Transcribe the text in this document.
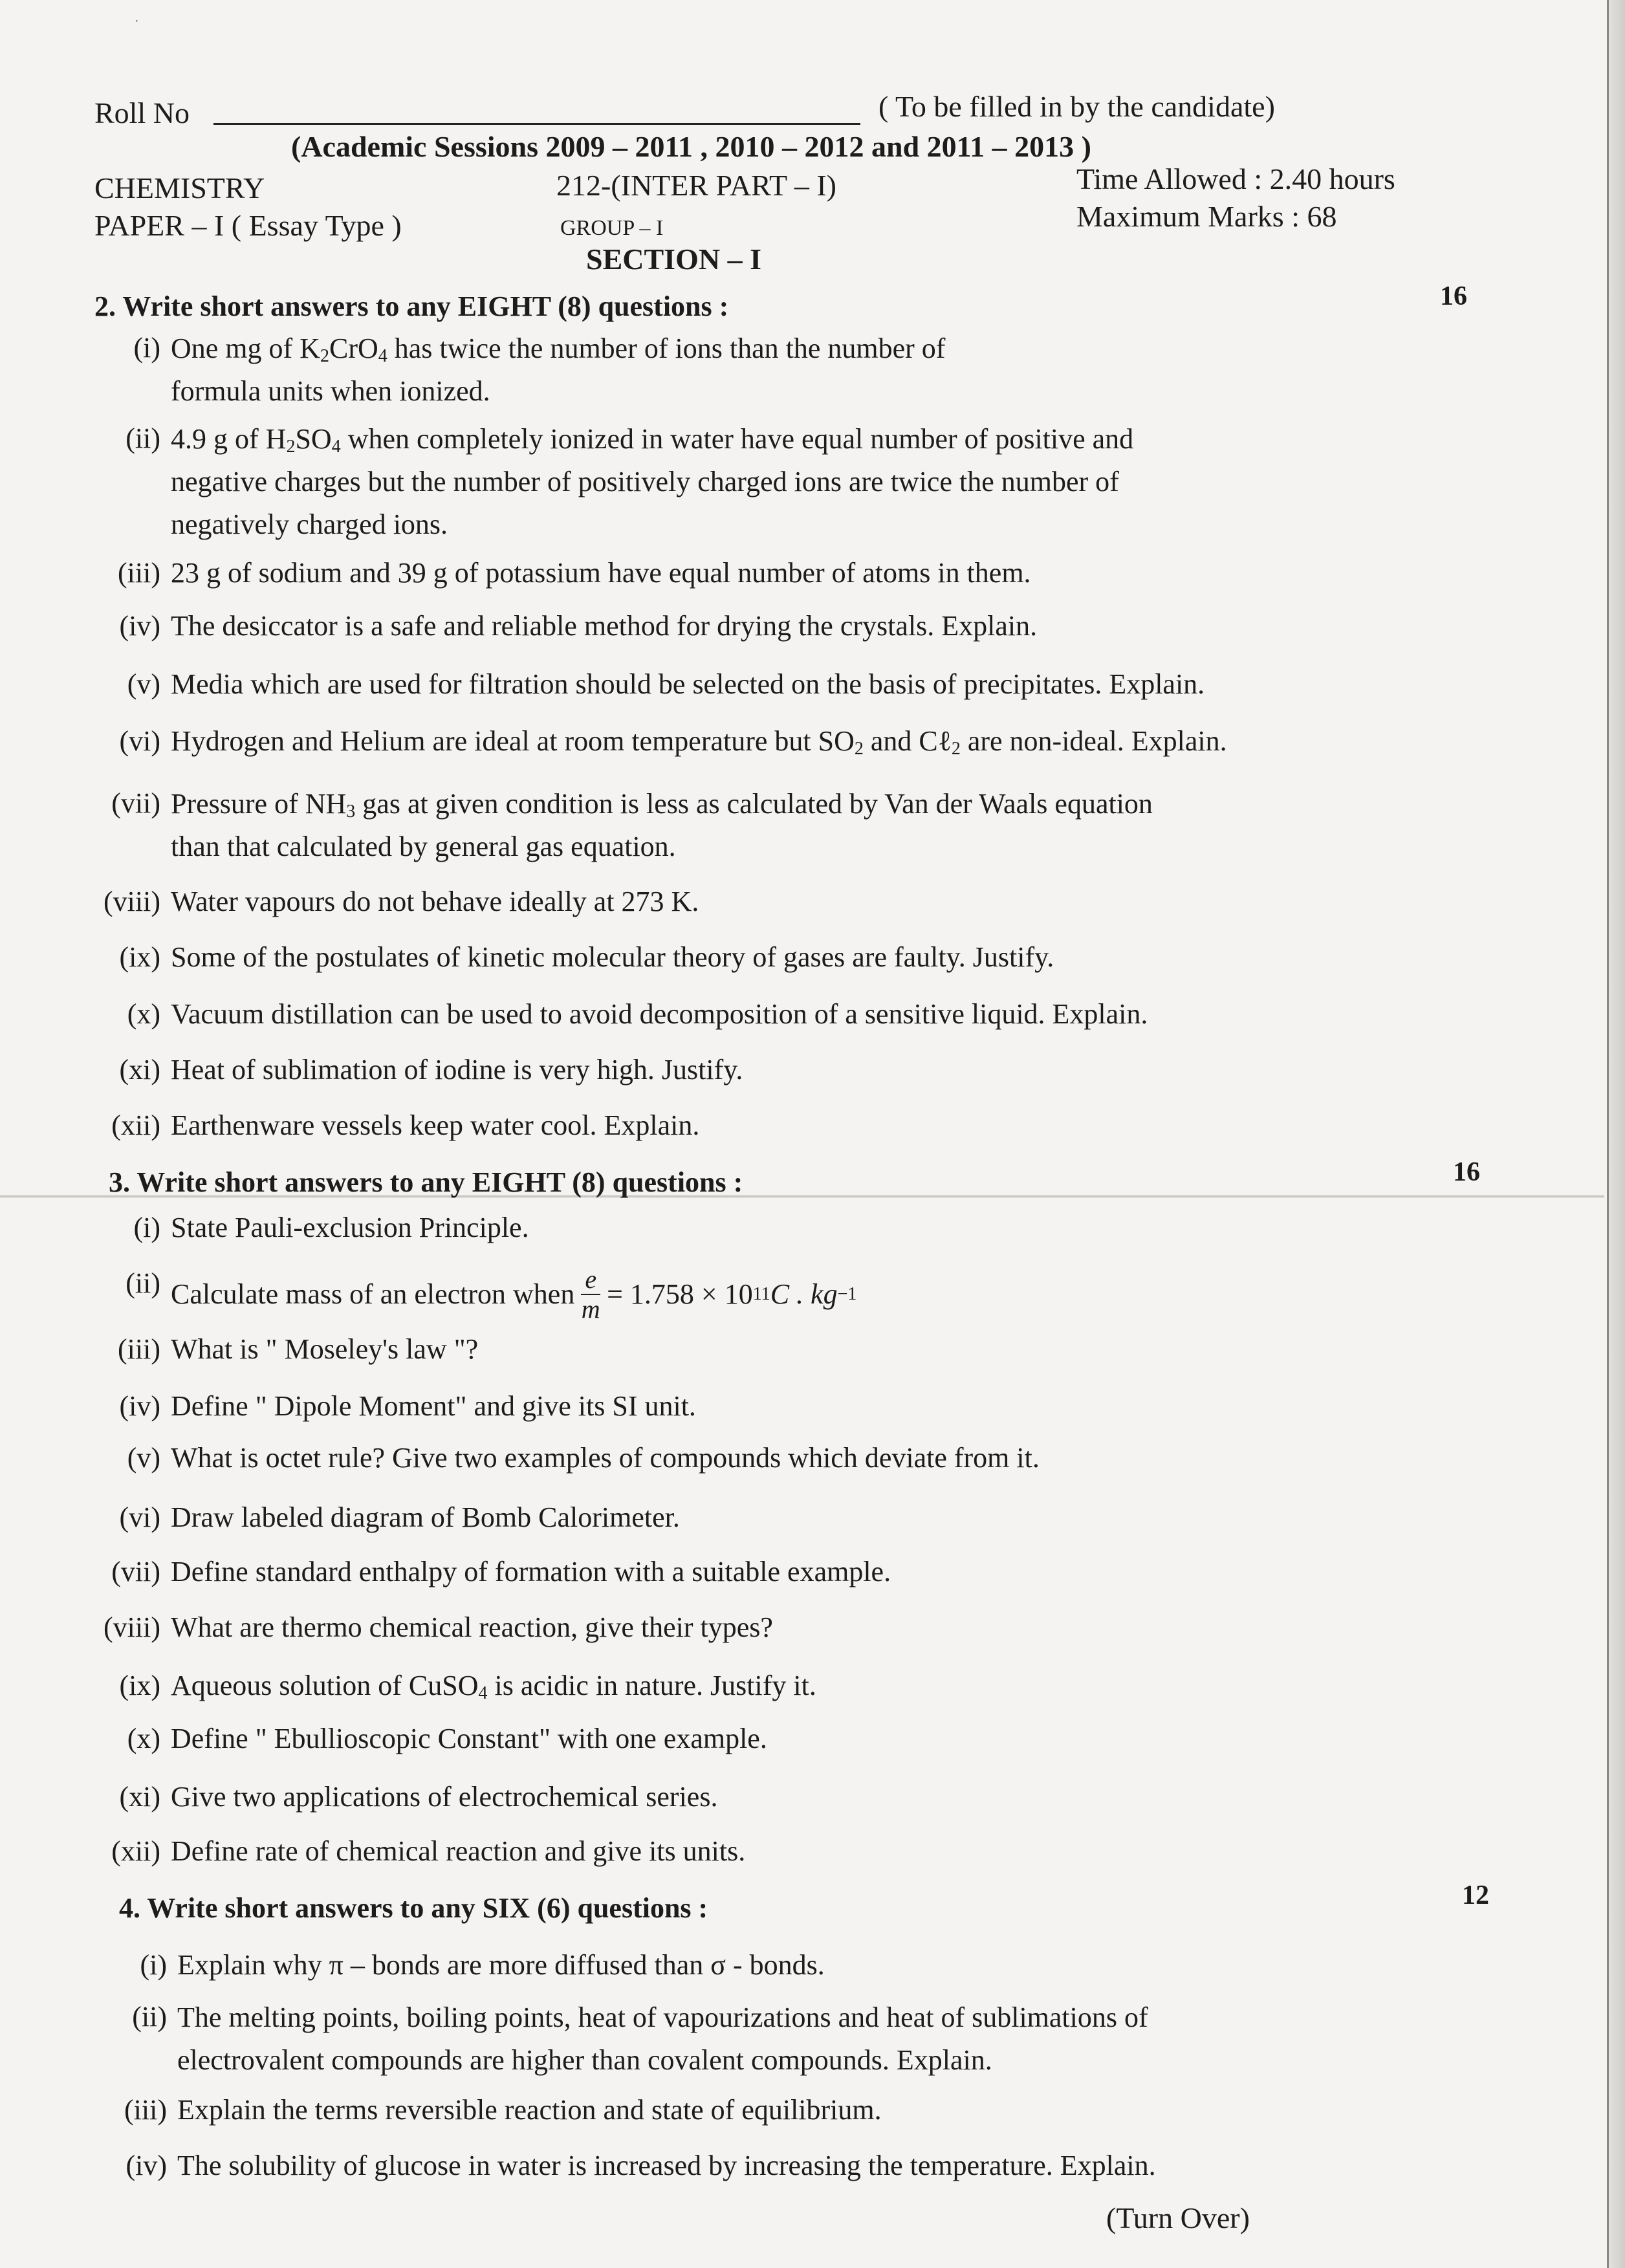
·
Roll No	( To be filled in by the candidate)
(Academic Sessions 2009 – 2011 , 2010 – 2012 and 2011 – 2013 )
CHEMISTRY	212-(INTER PART – I)	Time Allowed : 2.40 hours
PAPER – I ( Essay Type )	GROUP – I	Maximum Marks : 68
SECTION – I
2. Write short answers to any EIGHT (8) questions :	16
(i) One mg of $K_2CrO_4$ has twice the number of ions than the number of
formula units when ionized.
(ii) 4.9 g of $H_2SO_4$ when completely ionized in water have equal number of positive and
negative charges but the number of positively charged ions are twice the number of
negatively charged ions.
(iii) 23 g of sodium and 39 g of potassium have equal number of atoms in them.
(iv) The desiccator is a safe and reliable method for drying the crystals. Explain.
(v) Media which are used for filtration should be selected on the basis of precipitates. Explain.
(vi) Hydrogen and Helium are ideal at room temperature but $SO_2$ and Cℓ$_2$ are non-ideal. Explain.
(vii) Pressure of $NH_3$ gas at given condition is less as calculated by Van der Waals equation
than that calculated by general gas equation.
(viii) Water vapours do not behave ideally at 273 K.
(ix) Some of the postulates of kinetic molecular theory of gases are faulty. Justify.
(x) Vacuum distillation can be used to avoid decomposition of a sensitive liquid. Explain.
(xi) Heat of sublimation of iodine is very high. Justify.
(xii) Earthenware vessels keep water cool. Explain.
3. Write short answers to any EIGHT (8) questions :	16
(i) State Pauli-exclusion Principle.
(ii) Calculate mass of an electron when $\frac{e}{m} = 1.758 \times 10$ 11 C . kg −1
(iii) What is " Moseley's law "?
(iv) Define " Dipole Moment" and give its SI unit.
(v) What is octet rule? Give two examples of compounds which deviate from it.
(vi) Draw labeled diagram of Bomb Calorimeter.
(vii) Define standard enthalpy of formation with a suitable example.
(viii) What are thermo chemical reaction, give their types?
(ix) Aqueous solution of CuSO$_4$ is acidic in nature. Justify it.
(x) Define " Ebullioscopic Constant" with one example.
(xi) Give two applications of electrochemical series.
(xii) Define rate of chemical reaction and give its units.
4. Write short answers to any SIX (6) questions :	12
(i) Explain why π – bonds are more diffused than σ - bonds.
(ii) The melting points, boiling points, heat of vapourizations and heat of sublimations of
electrovalent compounds are higher than covalent compounds. Explain.
(iii) Explain the terms reversible reaction and state of equilibrium.
(iv) The solubility of glucose in water is increased by increasing the temperature. Explain.
(Turn Over)
